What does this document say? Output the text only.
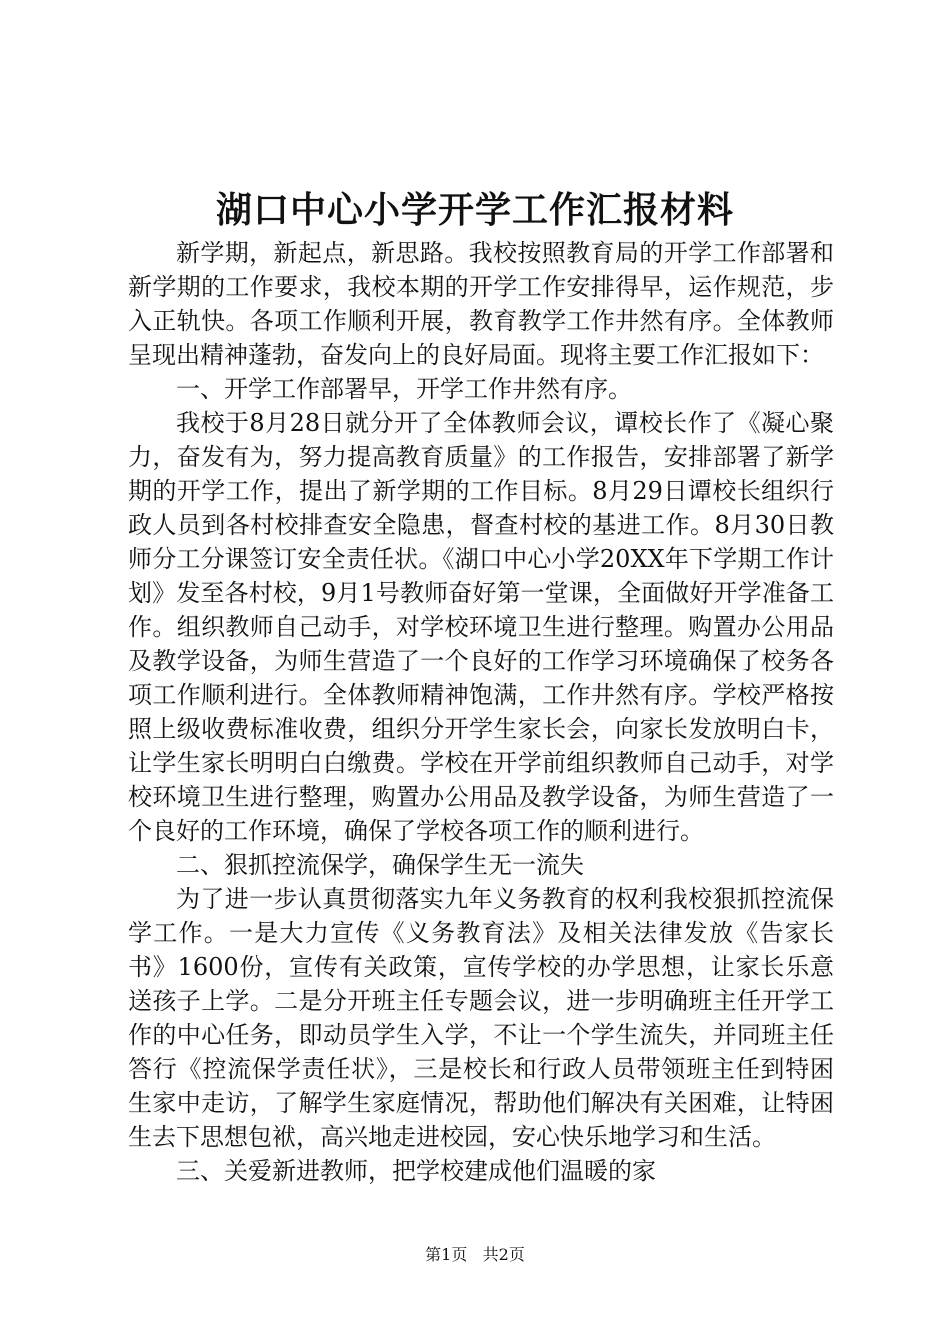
湖口中心小学开学工作汇报材料

新学期，新起点，新思路。我校按照教育局的开学工作部署和新学期的工作要求，我校本期的开学工作安排得早，运作规范，步入正轨快。各项工作顺利开展，教育教学工作井然有序。全体教师呈现出精神蓬勃，奋发向上的良好局面。现将主要工作汇报如下：

一、开学工作部署早，开学工作井然有序。

我校于8月28日就分开了全体教师会议，谭校长作了《凝心聚力，奋发有为，努力提高教育质量》的工作报告，安排部署了新学期的开学工作，提出了新学期的工作目标。8月29日谭校长组织行政人员到各村校排查安全隐患，督查村校的基进工作。8月30日教师分工分课签订安全责任状。《湖口中心小学20XX年下学期工作计划》发至各村校，9月1号教师奋好第一堂课，全面做好开学准备工作。组织教师自己动手，对学校环境卫生进行整理。购置办公用品及教学设备，为师生营造了一个良好的工作学习环境确保了校务各项工作顺利进行。全体教师精神饱满，工作井然有序。学校严格按照上级收费标准收费，组织分开学生家长会，向家长发放明白卡，让学生家长明明白白缴费。学校在开学前组织教师自己动手，对学校环境卫生进行整理，购置办公用品及教学设备，为师生营造了一个良好的工作环境，确保了学校各项工作的顺利进行。

二、狠抓控流保学，确保学生无一流失

为了进一步认真贯彻落实九年义务教育的权利我校狠抓控流保学工作。一是大力宣传《义务教育法》及相关法律发放《告家长书》1600份，宣传有关政策，宣传学校的办学思想，让家长乐意送孩子上学。二是分开班主任专题会议，进一步明确班主任开学工作的中心任务，即动员学生入学，不让一个学生流失，并同班主任答行《控流保学责任状》，三是校长和行政人员带领班主任到特困生家中走访，了解学生家庭情况，帮助他们解决有关困难，让特困生去下思想包袱，高兴地走进校园，安心快乐地学习和生活。

三、关爱新进教师，把学校建成他们温暖的家

第1页 共2页
